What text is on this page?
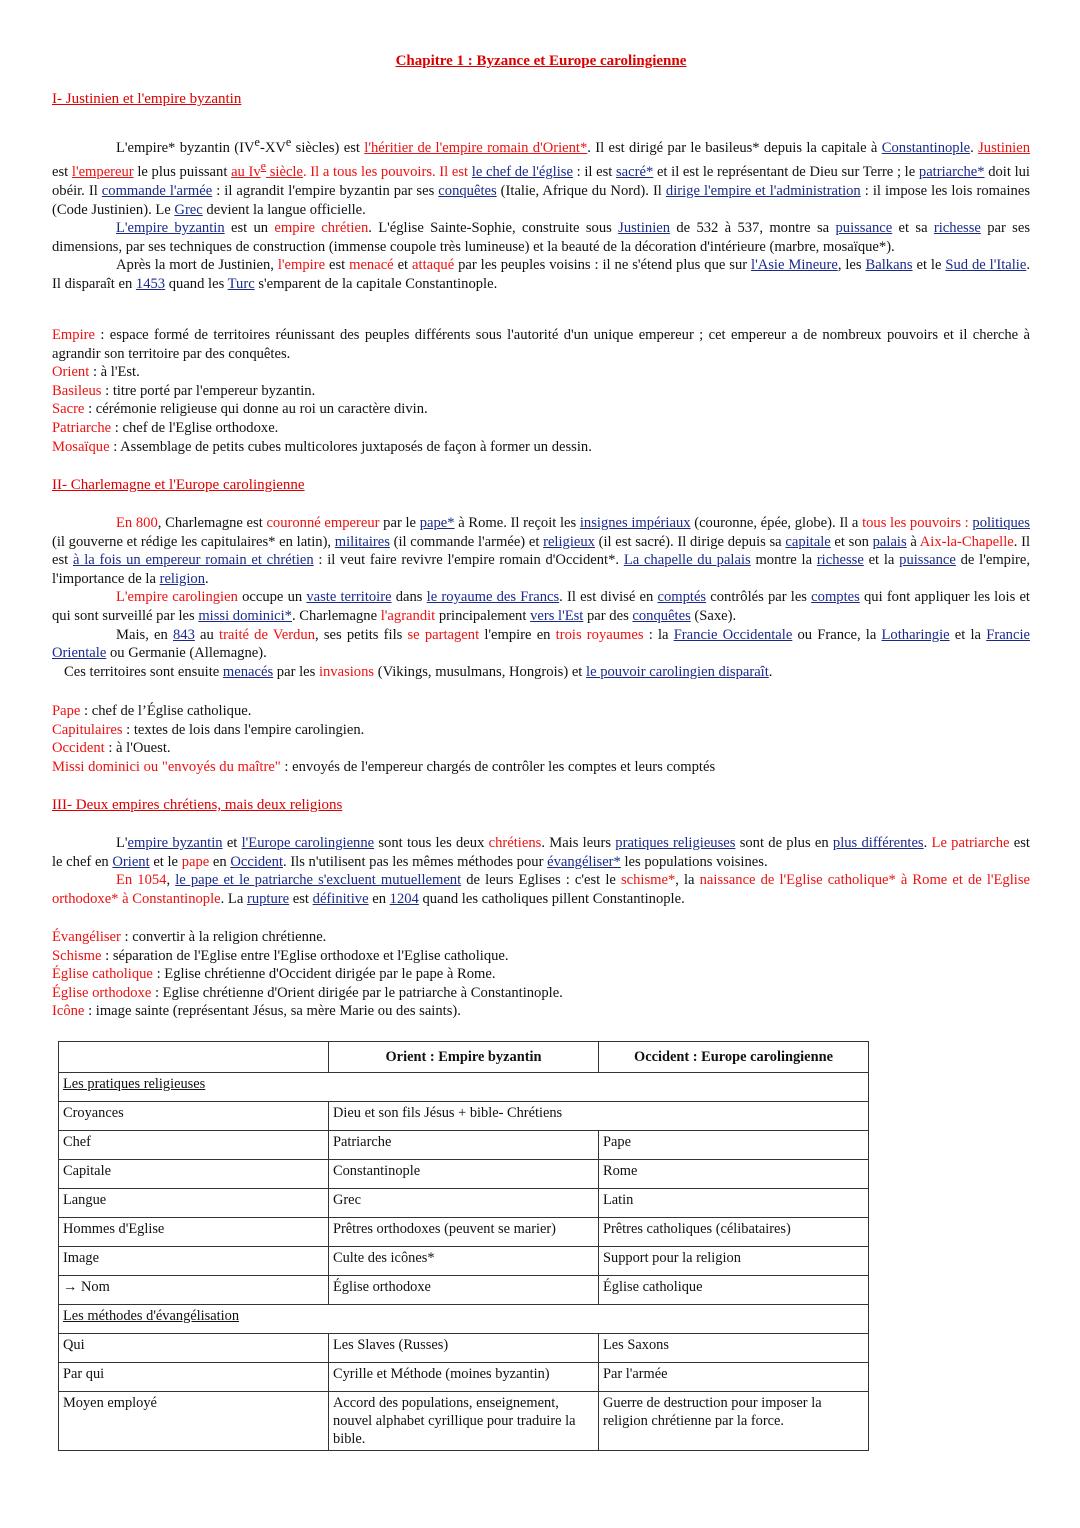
Chapitre 1 : Byzance et Europe carolingienne
I- Justinien et l'empire byzantin

L'empire* byzantin (IVe-XVe siècles) est l'héritier de l'empire romain d'Orient*. Il est dirigé par le basileus* depuis la capitale à Constantinople. Justinien est l'empereur le plus puissant au Iv$^e$ siècle. Il a tous les pouvoirs. Il est le chef de l'église : il est sacré* et il est le représentant de Dieu sur Terre ; le patriarche* doit lui obéir. Il commande l'armée : il agrandit l'empire byzantin par ses conquêtes (Italie, Afrique du Nord). Il dirige l'empire et l'administration : il impose les lois romaines (Code Justinien). Le Grec devient la langue officielle.

L'empire byzantin est un empire chrétien. L'église Sainte-Sophie, construite sous Justinien de 532 à 537, montre sa puissance et sa richesse par ses dimensions, par ses techniques de construction (immense coupole très lumineuse) et la beauté de la décoration d'intérieure (marbre, mosaïque*).

Après la mort de Justinien, l'empire est menacé et attaqué par les peuples voisins : il ne s'étend plus que sur l'Asie Mineure, les Balkans et le Sud de l'Italie. Il disparaît en 1453 quand les Turc s'emparent de la capitale Constantinople.

Empire : espace formé de territoires réunissant des peuples différents sous l'autorité d'un unique empereur ; cet empereur a de nombreux pouvoirs et il cherche à agrandir son territoire par des conquêtes.

Orient : à l'Est.

Basileus : titre porté par l'empereur byzantin.

Sacre : cérémonie religieuse qui donne au roi un caractère divin.

Patriarche : chef de l'Eglise orthodoxe.

Mosaïque : Assemblage de petits cubes multicolores juxtaposés de façon à former un dessin.

II- Charlemagne et l'Europe carolingienne

En 800, Charlemagne est couronné empereur par le pape* à Rome. Il reçoit les insignes impériaux (couronne, épée, globe). Il a tous les pouvoirs : politiques (il gouverne et rédige les capitulaires* en latin), militaires (il commande l'armée) et religieux (il est sacré). Il dirige depuis sa capitale et son palais à Aix-la-Chapelle. Il est à la fois un empereur romain et chrétien : il veut faire revivre l'empire romain d'Occident*. La chapelle du palais montre la richesse et la puissance de l'empire, l'importance de la religion.

L'empire carolingien occupe un vaste territoire dans le royaume des Francs. Il est divisé en comptés contrôlés par les comptes qui font appliquer les lois et qui sont surveillé par les missi dominici*. Charlemagne l'agrandit principalement vers l'Est par des conquêtes (Saxe).

Mais, en 843 au traité de Verdun, ses petits fils se partagent l'empire en trois royaumes : la Francie Occidentale ou France, la Lotharingie et la Francie Orientale ou Germanie (Allemagne).

Ces territoires sont ensuite menacés par les invasions (Vikings, musulmans, Hongrois) et le pouvoir carolingien disparaît.

Pape : chef de l’Église catholique.

Capitulaires : textes de lois dans l'empire carolingien.

Occident : à l'Ouest.

Missi dominici ou "envoyés du maître" : envoyés de l'empereur chargés de contrôler les comptes et leurs comptés

III- Deux empires chrétiens, mais deux religions

L'empire byzantin et l'Europe carolingienne sont tous les deux chrétiens. Mais leurs pratiques religieuses sont de plus en plus différentes. Le patriarche est le chef en Orient et le pape en Occident. Ils n'utilisent pas les mêmes méthodes pour évangéliser* les populations voisines.

En 1054, le pape et le patriarche s'excluent mutuellement de leurs Eglises : c'est le schisme*, la naissance de l'Eglise catholique* à Rome et de l'Eglise orthodoxe* à Constantinople. La rupture est définitive en 1204 quand les catholiques pillent Constantinople.

Évangéliser : convertir à la religion chrétienne.

Schisme : séparation de l'Eglise entre l'Eglise orthodoxe et l'Eglise catholique.

Église catholique : Eglise chrétienne d'Occident dirigée par le pape à Rome.

Église orthodoxe : Eglise chrétienne d'Orient dirigée par le patriarche à Constantinople.

Icône : image sainte (représentant Jésus, sa mère Marie ou des saints).

	Orient : Empire byzantin	Occident : Europe carolingienne
Les pratiques religieuses		
Croyances	Dieu et son fils Jésus + bible- Chrétiens	
Chef	Patriarche	Pape
Capitale	Constantinople	Rome
Langue	Grec	Latin
Hommes d'Eglise	Prêtres orthodoxes (peuvent se marier)	Prêtres catholiques (célibataires)
Image	Culte des icônes*	Support pour la religion
→ Nom	Église orthodoxe	Église catholique
Les méthodes d'évangélisation		
Qui	Les Slaves (Russes)	Les Saxons
Par qui	Cyrille et Méthode (moines byzantin)	Par l'armée
Moyen employé	Accord des populations, enseignement, nouvel alphabet cyrillique pour traduire la bible.	Guerre de destruction pour imposer la religion chrétienne par la force.
